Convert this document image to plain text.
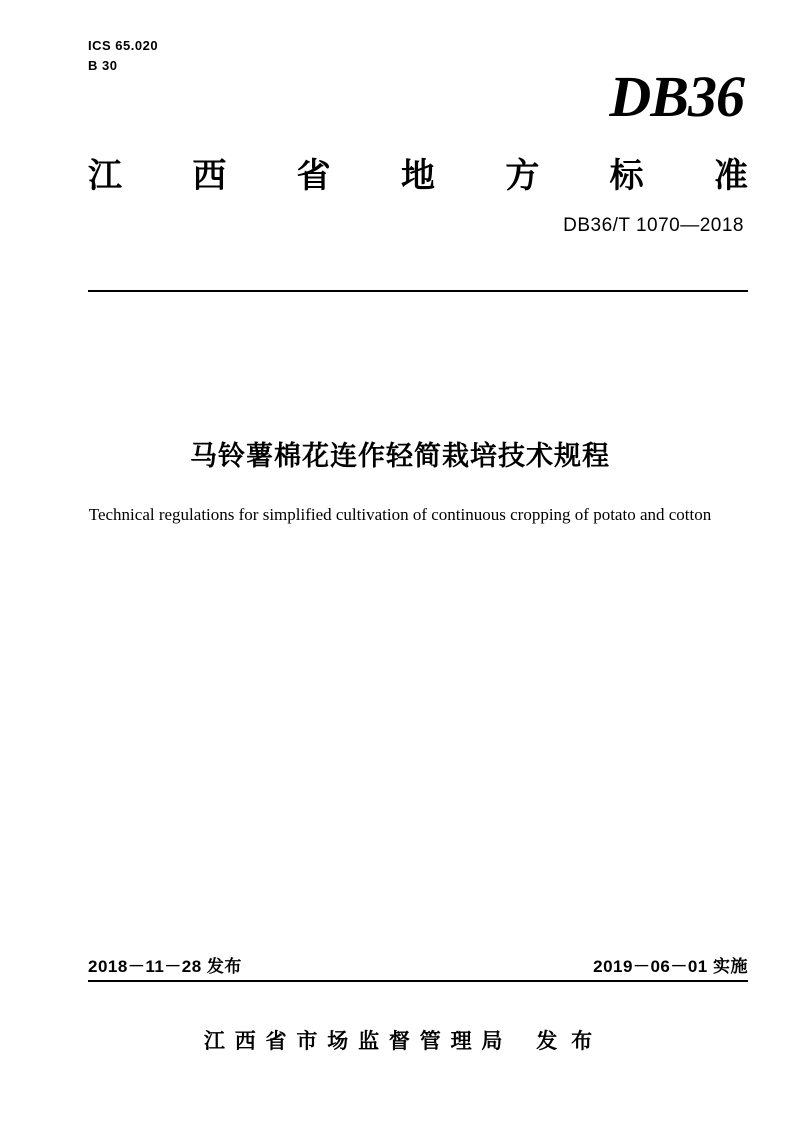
ICS 65.020
B 30	DB36
江 西 省 地 方 标 准
DB36/T 1070—2018
马铃薯棉花连作轻简栽培技术规程
Technical regulations for simplified cultivation of continuous cropping of potato and cotton
2018－11－28 发布	2019－06－01 实施
江 西 省 市 场 监 督 管 理 局 发 布
